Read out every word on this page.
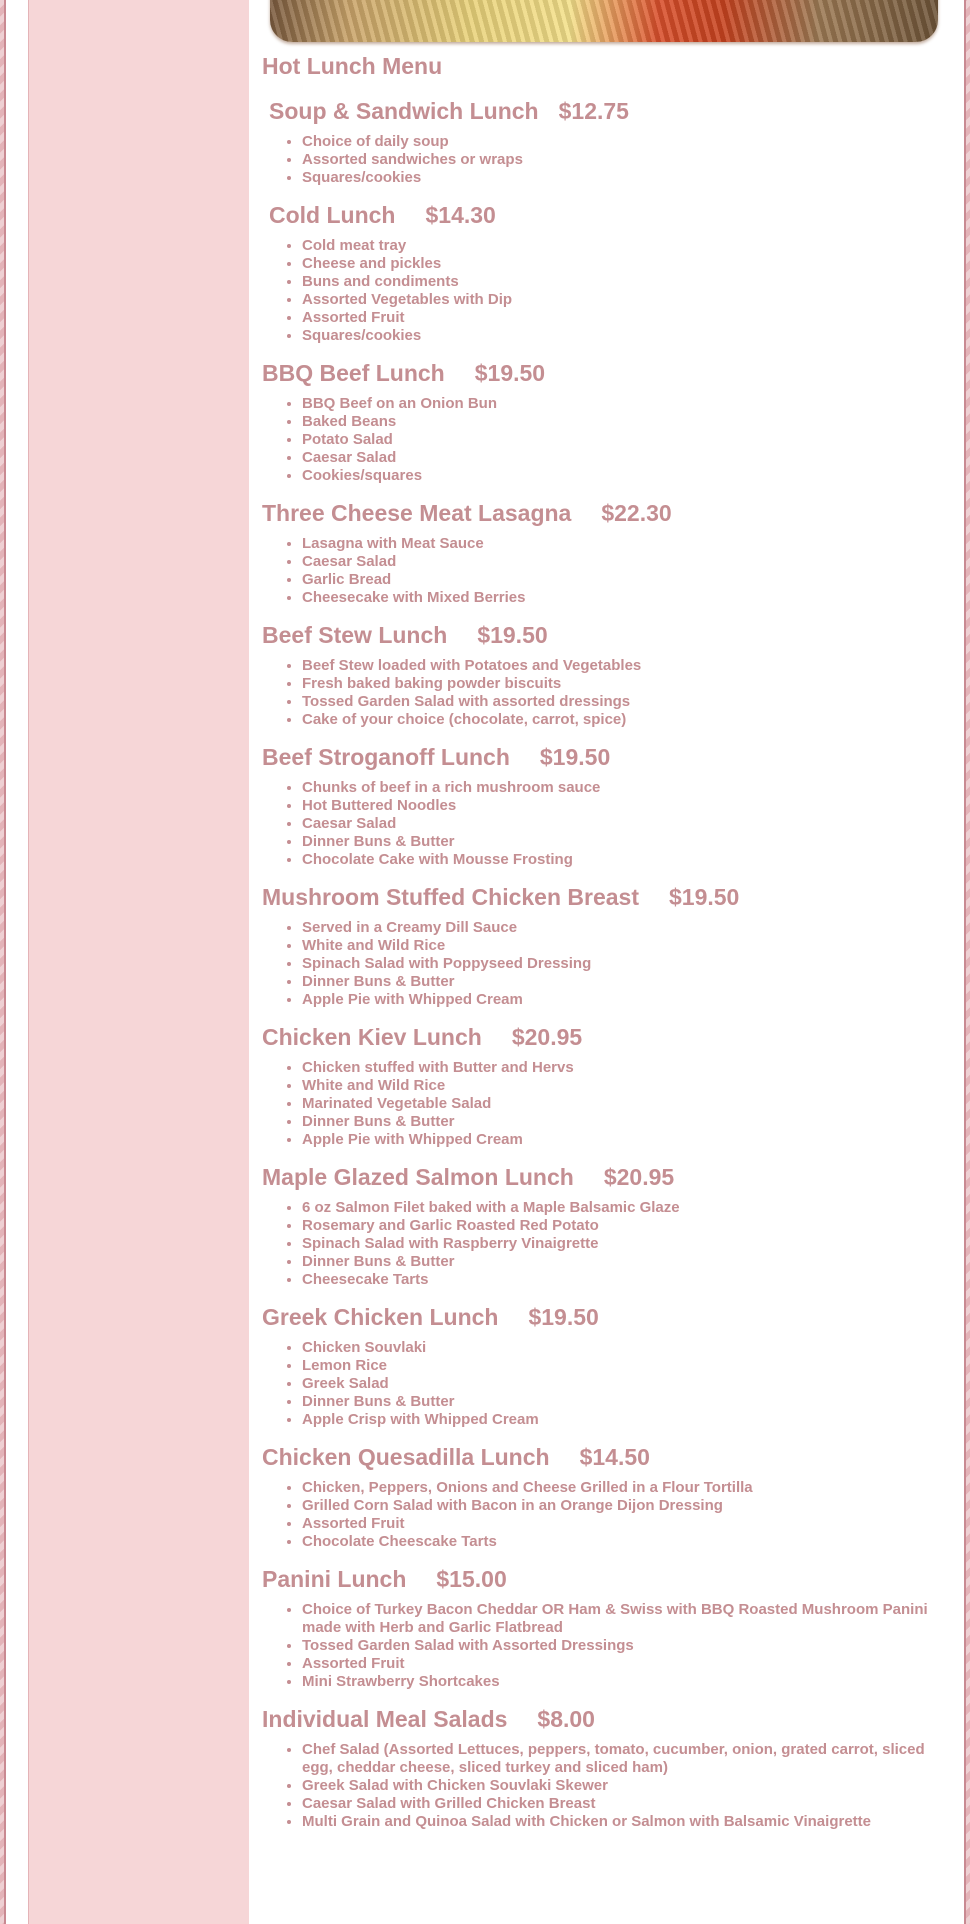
Hot Lunch Menu
Soup & Sandwich Lunch $12.75
• Choice of daily soup
• Assorted sandwiches or wraps
• Squares/cookies
Cold Lunch $14.30
• Cold meat tray
• Cheese and pickles
• Buns and condiments
• Assorted Vegetables with Dip
• Assorted Fruit
• Squares/cookies
BBQ Beef Lunch $19.50
• BBQ Beef on an Onion Bun
• Baked Beans
• Potato Salad
• Caesar Salad
• Cookies/squares
Three Cheese Meat Lasagna $22.30
• Lasagna with Meat Sauce
• Caesar Salad
• Garlic Bread
• Cheesecake with Mixed Berries
Beef Stew Lunch $19.50
• Beef Stew loaded with Potatoes and Vegetables
• Fresh baked baking powder biscuits
• Tossed Garden Salad with assorted dressings
• Cake of your choice (chocolate, carrot, spice)
Beef Stroganoff Lunch $19.50
• Chunks of beef in a rich mushroom sauce
• Hot Buttered Noodles
• Caesar Salad
• Dinner Buns & Butter
• Chocolate Cake with Mousse Frosting
Mushroom Stuffed Chicken Breast $19.50
• Served in a Creamy Dill Sauce
• White and Wild Rice
• Spinach Salad with Poppyseed Dressing
• Dinner Buns & Butter
• Apple Pie with Whipped Cream
Chicken Kiev Lunch $20.95
• Chicken stuffed with Butter and Hervs
• White and Wild Rice
• Marinated Vegetable Salad
• Dinner Buns & Butter
• Apple Pie with Whipped Cream
Maple Glazed Salmon Lunch $20.95
• 6 oz Salmon Filet baked with a Maple Balsamic Glaze
• Rosemary and Garlic Roasted Red Potato
• Spinach Salad with Raspberry Vinaigrette
• Dinner Buns & Butter
• Cheesecake Tarts
Greek Chicken Lunch $19.50
• Chicken Souvlaki
• Lemon Rice
• Greek Salad
• Dinner Buns & Butter
• Apple Crisp with Whipped Cream
Chicken Quesadilla Lunch $14.50
• Chicken, Peppers, Onions and Cheese Grilled in a Flour Tortilla
• Grilled Corn Salad with Bacon in an Orange Dijon Dressing
• Assorted Fruit
• Chocolate Cheescake Tarts
Panini Lunch $15.00
• Choice of Turkey Bacon Cheddar OR Ham & Swiss with BBQ Roasted Mushroom Panini made with Herb and Garlic Flatbread
• Tossed Garden Salad with Assorted Dressings
• Assorted Fruit
• Mini Strawberry Shortcakes
Individual Meal Salads $8.00
• Chef Salad (Assorted Lettuces, peppers, tomato, cucumber, onion, grated carrot, sliced egg, cheddar cheese, sliced turkey and sliced ham)
• Greek Salad with Chicken Souvlaki Skewer
• Caesar Salad with Grilled Chicken Breast
• Multi Grain and Quinoa Salad with Chicken or Salmon with Balsamic Vinaigrette
